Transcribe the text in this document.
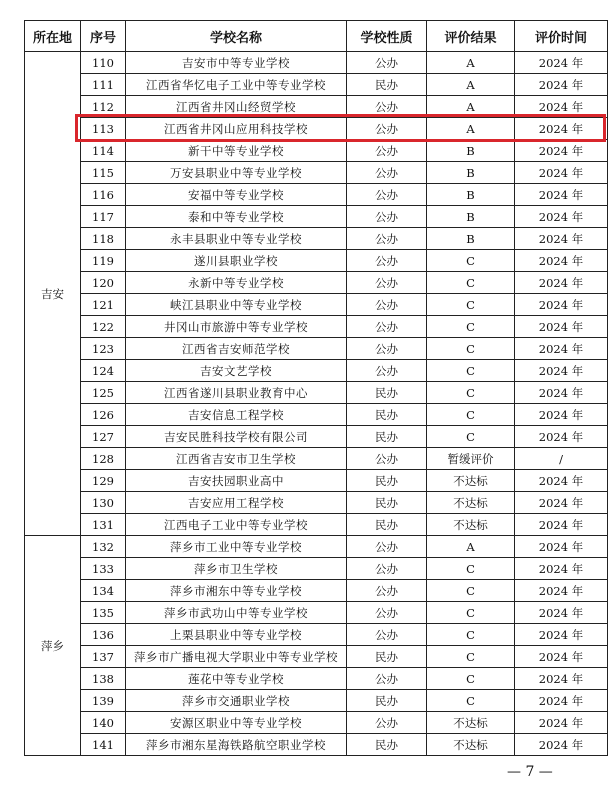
所在地	序号	学校名称	学校性质	评价结果	评价时间
吉安	110	吉安市中等专业学校	公办	A	2024 年
	111	江西省华忆电子工业中等专业学校	民办	A	2024 年
	112	江西省井冈山经贸学校	公办	A	2024 年
	113	江西省井冈山应用科技学校	公办	A	2024 年
	114	新干中等专业学校	公办	B	2024 年
	115	万安县职业中等专业学校	公办	B	2024 年
	116	安福中等专业学校	公办	B	2024 年
	117	泰和中等专业学校	公办	B	2024 年
	118	永丰县职业中等专业学校	公办	B	2024 年
	119	遂川县职业学校	公办	C	2024 年
	120	永新中等专业学校	公办	C	2024 年
	121	峡江县职业中等专业学校	公办	C	2024 年
	122	井冈山市旅游中等专业学校	公办	C	2024 年
	123	江西省吉安师范学校	公办	C	2024 年
	124	吉安文艺学校	公办	C	2024 年
	125	江西省遂川县职业教育中心	民办	C	2024 年
	126	吉安信息工程学校	民办	C	2024 年
	127	吉安民胜科技学校有限公司	民办	C	2024 年
	128	江西省吉安市卫生学校	公办	暂缓评价	/
	129	吉安扶园职业高中	民办	不达标	2024 年
	130	吉安应用工程学校	民办	不达标	2024 年
	131	江西电子工业中等专业学校	民办	不达标	2024 年
萍乡	132	萍乡市工业中等专业学校	公办	A	2024 年
	133	萍乡市卫生学校	公办	C	2024 年
	134	萍乡市湘东中等专业学校	公办	C	2024 年
	135	萍乡市武功山中等专业学校	公办	C	2024 年
	136	上栗县职业中等专业学校	公办	C	2024 年
	137	萍乡市广播电视大学职业中等专业学校	民办	C	2024 年
	138	莲花中等专业学校	公办	C	2024 年
	139	萍乡市交通职业学校	民办	C	2024 年
	140	安源区职业中等专业学校	公办	不达标	2024 年
	141	萍乡市湘东星海铁路航空职业学校	民办	不达标	2024 年
— 7 —
